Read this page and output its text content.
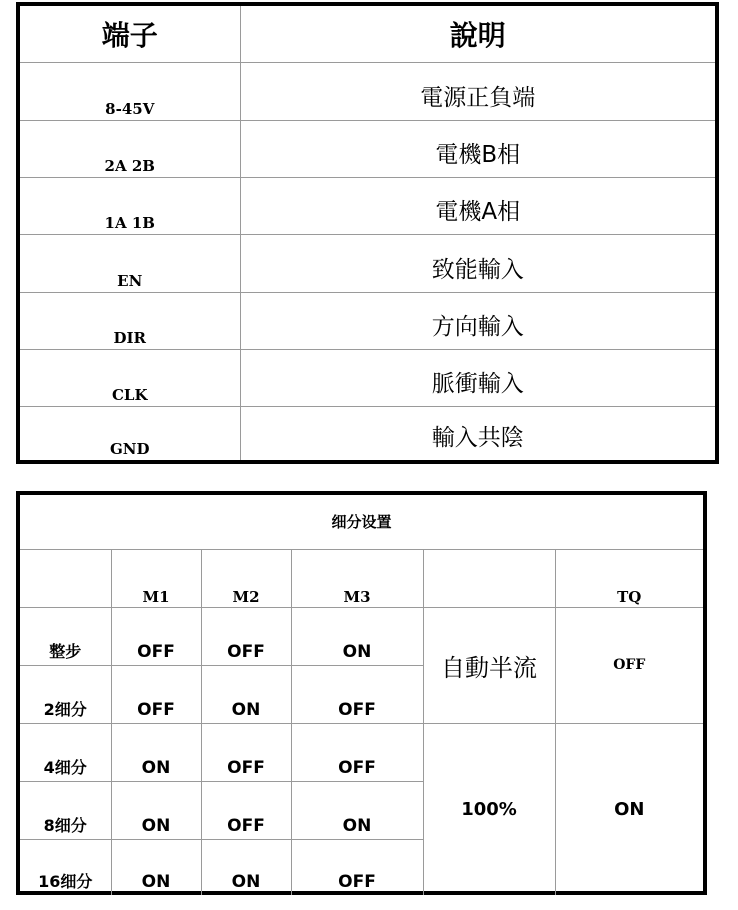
端子	說明
8-45V	電源正負端
2A 2B	電機B相
1A 1B	電機A相
EN	致能輸入
DIR	方向輸入
CLK	脈衝輸入
GND	輸入共陰
细分设置					
	M1	M2	M3		TQ
整步	OFF	OFF	ON	自動半流	OFF
2细分	OFF	ON	OFF		
4细分	ON	OFF	OFF	100%	ON
8细分	ON	OFF	ON		
16细分	ON	ON	OFF		
